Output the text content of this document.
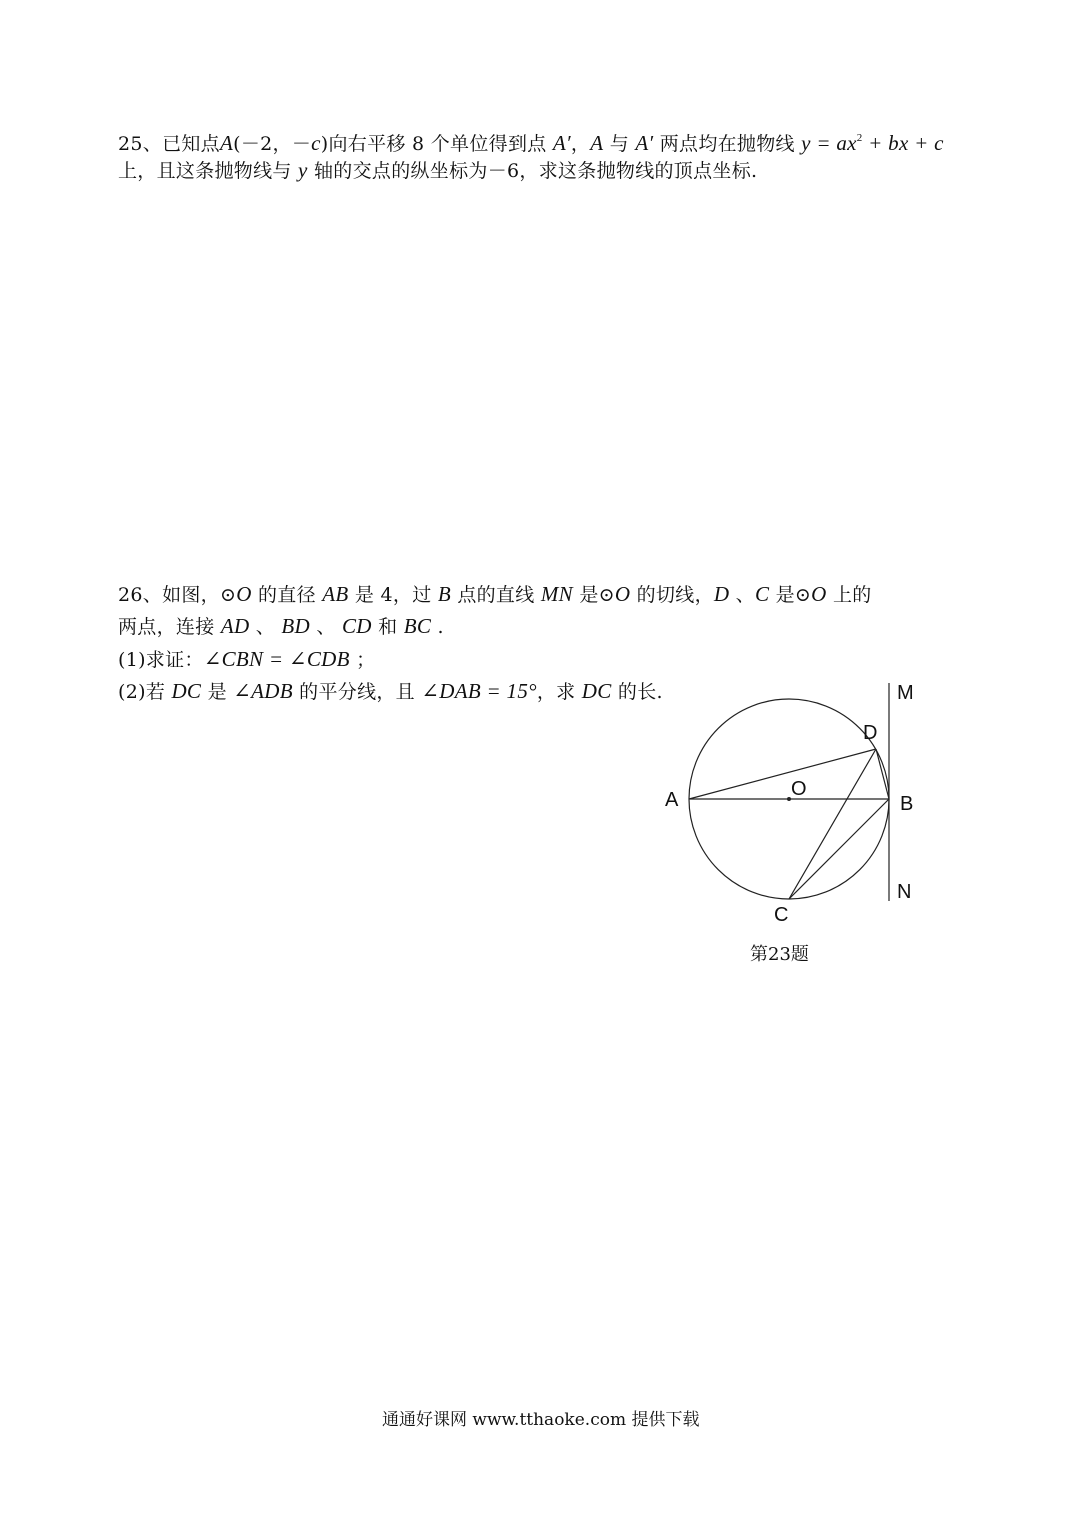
25、已知点A(－2，－c)向右平移 8 个单位得到点 A′，A 与 A′ 两点均在抛物线 $y = ax^2$ + bx + c
上，且这条抛物线与 y 轴的交点的纵坐标为－6，求这条抛物线的顶点坐标.
26、如图，⊙O 的直径 AB 是 4，过 B 点的直线 MN 是⊙O 的切线，D 、C 是⊙O 上的
两点，连接 AD 、 BD 、 CD 和 BC .
(1)求证：∠CBN = ∠CDB ；
(2)若 DC 是 ∠ADB 的平分线，且 ∠DAB = 15°，求 DC 的长.	M
D
A	O
B
N
C
第23题
通通好课网 www.tthaoke.com 提供下载
